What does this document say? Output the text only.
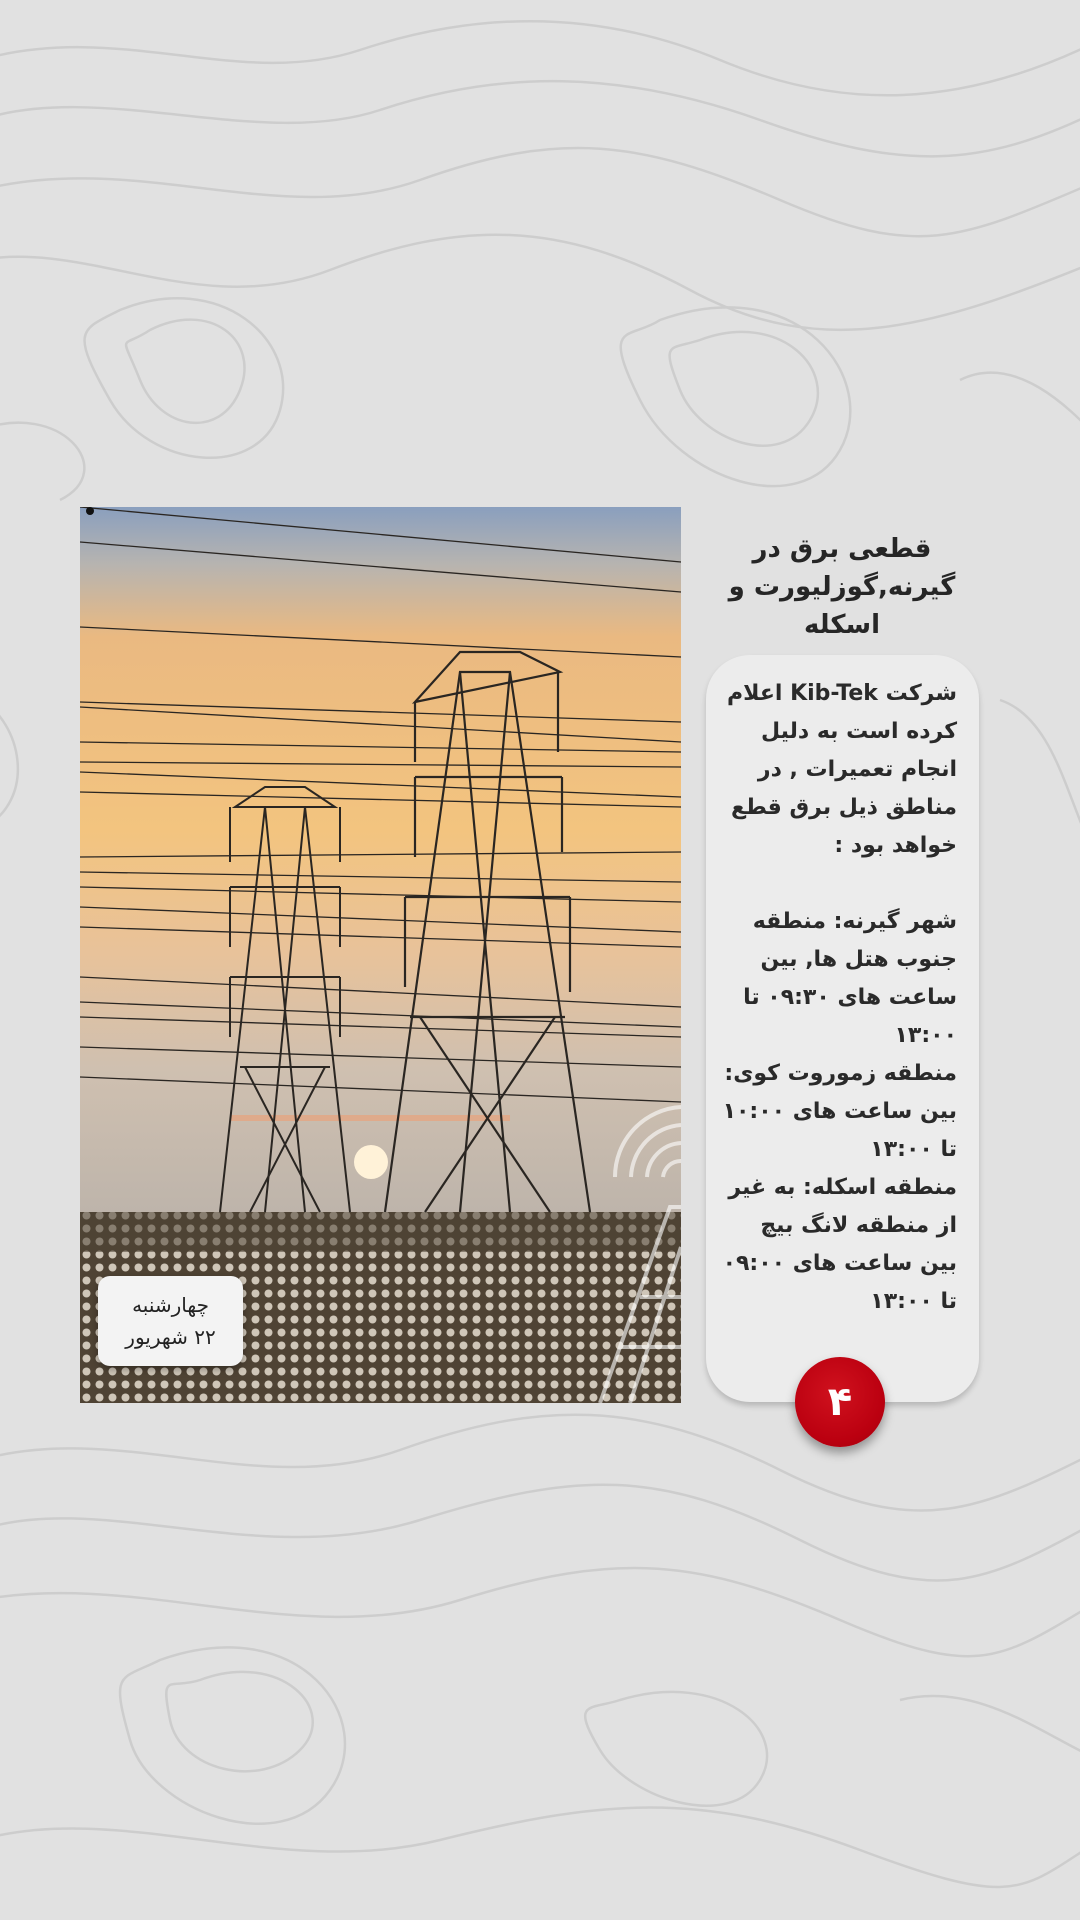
چهارشنبه
۲۲ شهریور
قطعی برق در گیرنه,گوزلیورت و اسکله

شرکت Kib-Tek اعلام کرده است به دلیل انجام تعمیرات , در مناطق ذیل برق قطع خواهد بود :

شهر گیرنه: منطقه جنوب هتل ها, بین ساعت های ۰۹:۳۰ تا ۱۳:۰۰

منطقه زموروت کوی: بین ساعت های ۱۰:۰۰ تا ۱۳:۰۰

منطقه اسکله: به غیر از منطقه لانگ بیچ بین ساعت های ۰۹:۰۰ تا ۱۳:۰۰

۴
